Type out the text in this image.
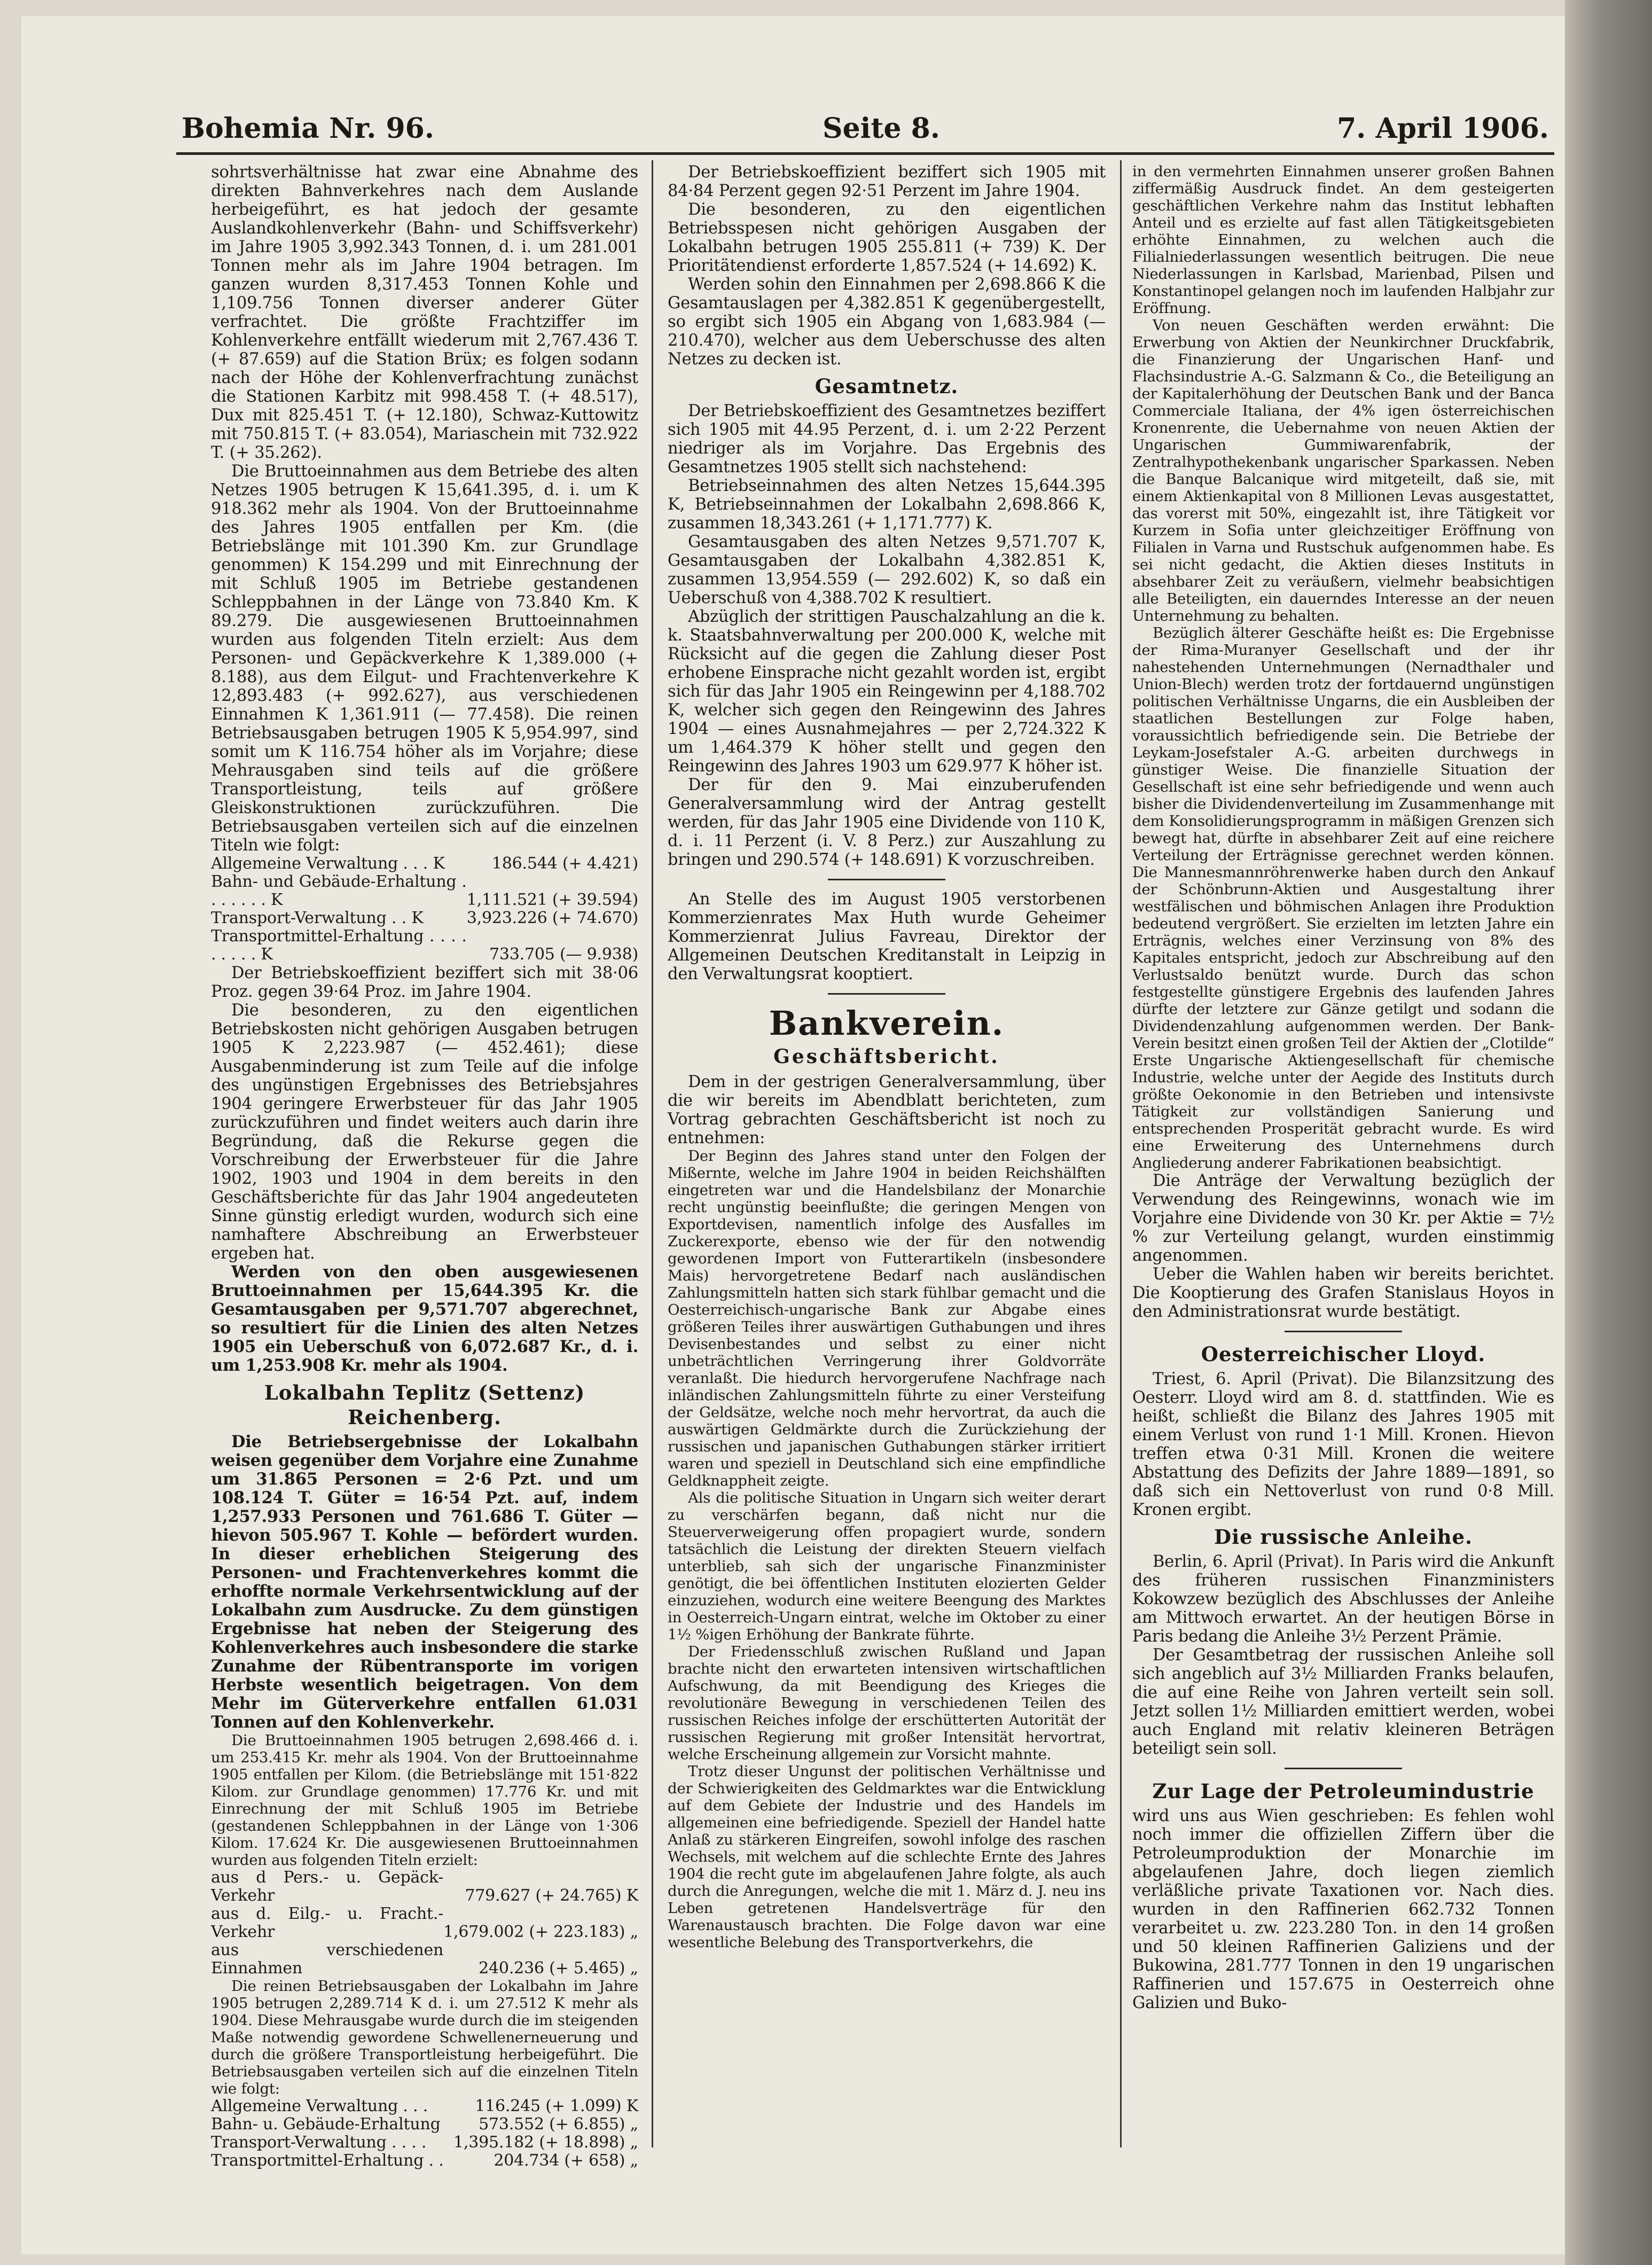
Bohemia Nr. 96.	Seite 8.	7. April 1906.

sohrtsverhältnisse hat zwar eine Abnahme des direkten Bahnverkehres nach dem Auslande herbeigeführt, es hat jedoch der gesamte Auslandkohlenverkehr (Bahn- und Schiffsverkehr) im Jahre 1905 3,992.343 Tonnen, d. i. um 281.001 Tonnen mehr als im Jahre 1904 betragen. Im ganzen wurden 8,317.453 Tonnen Kohle und 1,109.756 Tonnen diverser anderer Güter verfrachtet. Die größte Frachtziffer im Kohlenverkehre entfällt wiederum mit 2,767.436 T. (+ 87.659) auf die Station Brüx; es folgen sodann nach der Höhe der Kohlenverfrachtung zunächst die Stationen Karbitz mit 998.458 T. (+ 48.517), Dux mit 825.451 T. (+ 12.180), Schwaz-Kuttowitz mit 750.815 T. (+ 83.054), Mariaschein mit 732.922 T. (+ 35.262).

Die Bruttoeinnahmen aus dem Betriebe des alten Netzes 1905 betrugen K 15,641.395, d. i. um K 918.362 mehr als 1904. Von der Bruttoeinnahme des Jahres 1905 entfallen per Km. (die Betriebslänge mit 101.390 Km. zur Grundlage genommen) K 154.299 und mit Einrechnung der mit Schluß 1905 im Betriebe gestandenen Schleppbahnen in der Länge von 73.840 Km. K 89.279. Die ausgewiesenen Bruttoeinnahmen wurden aus folgenden Titeln erzielt: Aus dem Personen- und Gepäckverkehre K 1,389.000 (+ 8.188), aus dem Eilgut- und Frachtenverkehre K 12,893.483 (+ 992.627), aus verschiedenen Einnahmen K 1,361.911 (— 77.458). Die reinen Betriebsausgaben betrugen 1905 K 5,954.997, sind somit um K 116.754 höher als im Vorjahre; diese Mehrausgaben sind teils auf die größere Transportleistung, teils auf größere Gleiskonstruktionen zurückzuführen. Die Betriebsausgaben verteilen sich auf die einzelnen Titeln wie folgt:

Allgemeine Verwaltung . . . K	186.544 (+ 4.421)
Bahn- und Gebäude-Erhaltung . . . . . . . K	1,111.521 (+ 39.594)
Transport-Verwaltung . . K	3,923.226 (+ 74.670)
Transportmittel-Erhaltung . . . . . . . . . K	733.705 (— 9.938)

Der Betriebskoeffizient beziffert sich mit 38·06 Proz. gegen 39·64 Proz. im Jahre 1904.

Die besonderen, zu den eigentlichen Betriebskosten nicht gehörigen Ausgaben betrugen 1905 K 2,223.987 (— 452.461); diese Ausgabenminderung ist zum Teile auf die infolge des ungünstigen Ergebnisses des Betriebsjahres 1904 geringere Erwerbsteuer für das Jahr 1905 zurückzuführen und findet weiters auch darin ihre Begründung, daß die Rekurse gegen die Vorschreibung der Erwerbsteuer für die Jahre 1902, 1903 und 1904 in dem bereits in den Geschäftsberichte für das Jahr 1904 angedeuteten Sinne günstig erledigt wurden, wodurch sich eine namhaftere Abschreibung an Erwerbsteuer ergeben hat.

Werden von den oben ausgewiesenen Bruttoeinnahmen per 15,644.395 Kr. die Gesamtausgaben per 9,571.707 abgerechnet, so resultiert für die Linien des alten Netzes 1905 ein Ueberschuß von 6,072.687 Kr., d. i. um 1,253.908 Kr. mehr als 1904.

Lokalbahn Teplitz (Settenz) Reichenberg.

Die Betriebsergebnisse der Lokalbahn weisen gegenüber dem Vorjahre eine Zunahme um 31.865 Personen = 2·6 Pzt. und um 108.124 T. Güter = 16·54 Pzt. auf, indem 1,257.933 Personen und 761.686 T. Güter — hievon 505.967 T. Kohle — befördert wurden. In dieser erheblichen Steigerung des Personen- und Frachtenverkehres kommt die erhoffte normale Verkehrsentwicklung auf der Lokalbahn zum Ausdrucke. Zu dem günstigen Ergebnisse hat neben der Steigerung des Kohlenverkehres auch insbesondere die starke Zunahme der Rübentransporte im vorigen Herbste wesentlich beigetragen. Von dem Mehr im Güterverkehre entfallen 61.031 Tonnen auf den Kohlenverkehr.

Die Bruttoeinnahmen 1905 betrugen 2,698.466 d. i. um 253.415 Kr. mehr als 1904. Von der Bruttoeinnahme 1905 entfallen per Kilom. (die Betriebslänge mit 151·822 Kilom. zur Grundlage genommen) 17.776 Kr. und mit Einrechnung der mit Schluß 1905 im Betriebe (gestandenen Schleppbahnen in der Länge von 1·306 Kilom. 17.624 Kr. Die ausgewiesenen Bruttoeinnahmen wurden aus folgenden Titeln erzielt:

aus d Pers.- u. Gepäck-Verkehr	779.627 (+ 24.765) K
aus d. Eilg.- u. Fracht.-Verkehr	1,679.002 (+ 223.183) „
aus verschiedenen Einnahmen	240.236 (+ 5.465) „

Die reinen Betriebsausgaben der Lokalbahn im Jahre 1905 betrugen 2,289.714 K d. i. um 27.512 K mehr als 1904. Diese Mehrausgabe wurde durch die im steigenden Maße notwendig gewordene Schwellenerneuerung und durch die größere Transportleistung herbeigeführt. Die Betriebsausgaben verteilen sich auf die einzelnen Titeln wie folgt:

Allgemeine Verwaltung . . .	116.245 (+ 1.099) K
Bahn- u. Gebäude-Erhaltung	573.552 (+ 6.855) „
Transport-Verwaltung . . . .	1,395.182 (+ 18.898) „
Transportmittel-Erhaltung . .	204.734 (+ 658) „

Der Betriebskoeffizient beziffert sich 1905 mit 84·84 Perzent gegen 92·51 Perzent im Jahre 1904.

Die besonderen, zu den eigentlichen Betriebsspesen nicht gehörigen Ausgaben der Lokalbahn betrugen 1905 255.811 (+ 739) K. Der Prioritätendienst erforderte 1,857.524 (+ 14.692) K.

Werden sohin den Einnahmen per 2,698.866 K die Gesamtauslagen per 4,382.851 K gegenübergestellt, so ergibt sich 1905 ein Abgang von 1,683.984 (— 210.470), welcher aus dem Ueberschusse des alten Netzes zu decken ist.

Gesamtnetz.

Der Betriebskoeffizient des Gesamtnetzes beziffert sich 1905 mit 44.95 Perzent, d. i. um 2·22 Perzent niedriger als im Vorjahre. Das Ergebnis des Gesamtnetzes 1905 stellt sich nachstehend:

Betriebseinnahmen des alten Netzes 15,644.395 K, Betriebseinnahmen der Lokalbahn 2,698.866 K, zusammen 18,343.261 (+ 1,171.777) K.

Gesamtausgaben des alten Netzes 9,571.707 K, Gesamtausgaben der Lokalbahn 4,382.851 K, zusammen 13,954.559 (— 292.602) K, so daß ein Ueberschuß von 4,388.702 K resultiert.

Abzüglich der strittigen Pauschalzahlung an die k. k. Staatsbahnverwaltung per 200.000 K, welche mit Rücksicht auf die gegen die Zahlung dieser Post erhobene Einsprache nicht gezahlt worden ist, ergibt sich für das Jahr 1905 ein Reingewinn per 4,188.702 K, welcher sich gegen den Reingewinn des Jahres 1904 — eines Ausnahmejahres — per 2,724.322 K um 1,464.379 K höher stellt und gegen den Reingewinn des Jahres 1903 um 629.977 K höher ist.

Der für den 9. Mai einzuberufenden Generalversammlung wird der Antrag gestellt werden, für das Jahr 1905 eine Dividende von 110 K, d. i. 11 Perzent (i. V. 8 Perz.) zur Auszahlung zu bringen und 290.574 (+ 148.691) K vorzuschreiben.

An Stelle des im August 1905 verstorbenen Kommerzienrates Max Huth wurde Geheimer Kommerzienrat Julius Favreau, Direktor der Allgemeinen Deutschen Kreditanstalt in Leipzig in den Verwaltungsrat kooptiert.

Bankverein.
Geschäftsbericht.

Dem in der gestrigen Generalversammlung, über die wir bereits im Abendblatt berichteten, zum Vortrag gebrachten Geschäftsbericht ist noch zu entnehmen:

Der Beginn des Jahres stand unter den Folgen der Mißernte, welche im Jahre 1904 in beiden Reichshälften eingetreten war und die Handelsbilanz der Monarchie recht ungünstig beeinflußte; die geringen Mengen von Exportdevisen, namentlich infolge des Ausfalles im Zuckerexporte, ebenso wie der für den notwendig gewordenen Import von Futterartikeln (insbesondere Mais) hervorgetretene Bedarf nach ausländischen Zahlungsmitteln hatten sich stark fühlbar gemacht und die Oesterreichisch-ungarische Bank zur Abgabe eines größeren Teiles ihrer auswärtigen Guthabungen und ihres Devisenbestandes und selbst zu einer nicht unbeträchtlichen Verringerung ihrer Goldvorräte veranlaßt. Die hiedurch hervorgerufene Nachfrage nach inländischen Zahlungsmitteln führte zu einer Versteifung der Geldsätze, welche noch mehr hervortrat, da auch die auswärtigen Geldmärkte durch die Zurückziehung der russischen und japanischen Guthabungen stärker irritiert waren und speziell in Deutschland sich eine empfindliche Geldknappheit zeigte.

Als die politische Situation in Ungarn sich weiter derart zu verschärfen begann, daß nicht nur die Steuerverweigerung offen propagiert wurde, sondern tatsächlich die Leistung der direkten Steuern vielfach unterblieb, sah sich der ungarische Finanzminister genötigt, die bei öffentlichen Instituten elozierten Gelder einzuziehen, wodurch eine weitere Beengung des Marktes in Oesterreich-Ungarn eintrat, welche im Oktober zu einer 1½ %igen Erhöhung der Bankrate führte.

Der Friedensschluß zwischen Rußland und Japan brachte nicht den erwarteten intensiven wirtschaftlichen Aufschwung, da mit Beendigung des Krieges die revolutionäre Bewegung in verschiedenen Teilen des russischen Reiches infolge der erschütterten Autorität der russischen Regierung mit großer Intensität hervortrat, welche Erscheinung allgemein zur Vorsicht mahnte.

Trotz dieser Ungunst der politischen Verhältnisse und der Schwierigkeiten des Geldmarktes war die Entwicklung auf dem Gebiete der Industrie und des Handels im allgemeinen eine befriedigende. Speziell der Handel hatte Anlaß zu stärkeren Eingreifen, sowohl infolge des raschen Wechsels, mit welchem auf die schlechte Ernte des Jahres 1904 die recht gute im abgelaufenen Jahre folgte, als auch durch die Anregungen, welche die mit 1. März d. J. neu ins Leben getretenen Handelsverträge für den Warenaustausch brachten. Die Folge davon war eine wesentliche Belebung des Transportverkehrs, die

in den vermehrten Einnahmen unserer großen Bahnen ziffermäßig Ausdruck findet. An dem gesteigerten geschäftlichen Verkehre nahm das Institut lebhaften Anteil und es erzielte auf fast allen Tätigkeitsgebieten erhöhte Einnahmen, zu welchen auch die Filialniederlassungen wesentlich beitrugen. Die neue Niederlassungen in Karlsbad, Marienbad, Pilsen und Konstantinopel gelangen noch im laufenden Halbjahr zur Eröffnung.

Von neuen Geschäften werden erwähnt: Die Erwerbung von Aktien der Neunkirchner Druckfabrik, die Finanzierung der Ungarischen Hanf- und Flachsindustrie A.-G. Salzmann & Co., die Beteiligung an der Kapitalerhöhung der Deutschen Bank und der Banca Commerciale Italiana, der 4% igen österreichischen Kronenrente, die Uebernahme von neuen Aktien der Ungarischen Gummiwarenfabrik, der Zentralhypothekenbank ungarischer Sparkassen. Neben die Banque Balcanique wird mitgeteilt, daß sie, mit einem Aktienkapital von 8 Millionen Levas ausgestattet, das vorerst mit 50%, eingezahlt ist, ihre Tätigkeit vor Kurzem in Sofia unter gleichzeitiger Eröffnung von Filialen in Varna und Rustschuk aufgenommen habe. Es sei nicht gedacht, die Aktien dieses Instituts in absehbarer Zeit zu veräußern, vielmehr beabsichtigen alle Beteiligten, ein dauerndes Interesse an der neuen Unternehmung zu behalten.

Bezüglich älterer Geschäfte heißt es: Die Ergebnisse der Rima-Muranyer Gesellschaft und der ihr nahestehenden Unternehmungen (Nernadthaler und Union-Blech) werden trotz der fortdauernd ungünstigen politischen Verhältnisse Ungarns, die ein Ausbleiben der staatlichen Bestellungen zur Folge haben, voraussichtlich befriedigende sein. Die Betriebe der Leykam-Josefstaler A.-G. arbeiten durchwegs in günstiger Weise. Die finanzielle Situation der Gesellschaft ist eine sehr befriedigende und wenn auch bisher die Dividendenverteilung im Zusammenhange mit dem Konsolidierungsprogramm in mäßigen Grenzen sich bewegt hat, dürfte in absehbarer Zeit auf eine reichere Verteilung der Erträgnisse gerechnet werden können. Die Mannesmannröhrenwerke haben durch den Ankauf der Schönbrunn-Aktien und Ausgestaltung ihrer westfälischen und böhmischen Anlagen ihre Produktion bedeutend vergrößert. Sie erzielten im letzten Jahre ein Erträgnis, welches einer Verzinsung von 8% des Kapitales entspricht, jedoch zur Abschreibung auf den Verlustsaldo benützt wurde. Durch das schon festgestellte günstigere Ergebnis des laufenden Jahres dürfte der letztere zur Gänze getilgt und sodann die Dividendenzahlung aufgenommen werden. Der Bank-Verein besitzt einen großen Teil der Aktien der „Clotilde“ Erste Ungarische Aktiengesellschaft für chemische Industrie, welche unter der Aegide des Instituts durch größte Oekonomie in den Betrieben und intensivste Tätigkeit zur vollständigen Sanierung und entsprechenden Prosperität gebracht wurde. Es wird eine Erweiterung des Unternehmens durch Angliederung anderer Fabrikationen beabsichtigt.

Die Anträge der Verwaltung bezüglich der Verwendung des Reingewinns, wonach wie im Vorjahre eine Dividende von 30 Kr. per Aktie = 7½ % zur Verteilung gelangt, wurden einstimmig angenommen.

Ueber die Wahlen haben wir bereits berichtet. Die Kooptierung des Grafen Stanislaus Hoyos in den Administrationsrat wurde bestätigt.

Oesterreichischer Lloyd.

Triest, 6. April (Privat). Die Bilanzsitzung des Oesterr. Lloyd wird am 8. d. stattfinden. Wie es heißt, schließt die Bilanz des Jahres 1905 mit einem Verlust von rund 1·1 Mill. Kronen. Hievon treffen etwa 0·31 Mill. Kronen die weitere Abstattung des Defizits der Jahre 1889—1891, so daß sich ein Nettoverlust von rund 0·8 Mill. Kronen ergibt.

Die russische Anleihe.

Berlin, 6. April (Privat). In Paris wird die Ankunft des früheren russischen Finanzministers Kokowzew bezüglich des Abschlusses der Anleihe am Mittwoch erwartet. An der heutigen Börse in Paris bedang die Anleihe 3½ Perzent Prämie.

Der Gesamtbetrag der russischen Anleihe soll sich angeblich auf 3½ Milliarden Franks belaufen, die auf eine Reihe von Jahren verteilt sein soll. Jetzt sollen 1½ Milliarden emittiert werden, wobei auch England mit relativ kleineren Beträgen beteiligt sein soll.

Zur Lage der Petroleumindustrie

wird uns aus Wien geschrieben: Es fehlen wohl noch immer die offiziellen Ziffern über die Petroleumproduktion der Monarchie im abgelaufenen Jahre, doch liegen ziemlich verläßliche private Taxationen vor. Nach dies. wurden in den Raffinerien 662.732 Tonnen verarbeitet u. zw. 223.280 Ton. in den 14 großen und 50 kleinen Raffinerien Galiziens und der Bukowina, 281.777 Tonnen in den 19 ungarischen Raffinerien und 157.675 in Oesterreich ohne Galizien und Buko-
